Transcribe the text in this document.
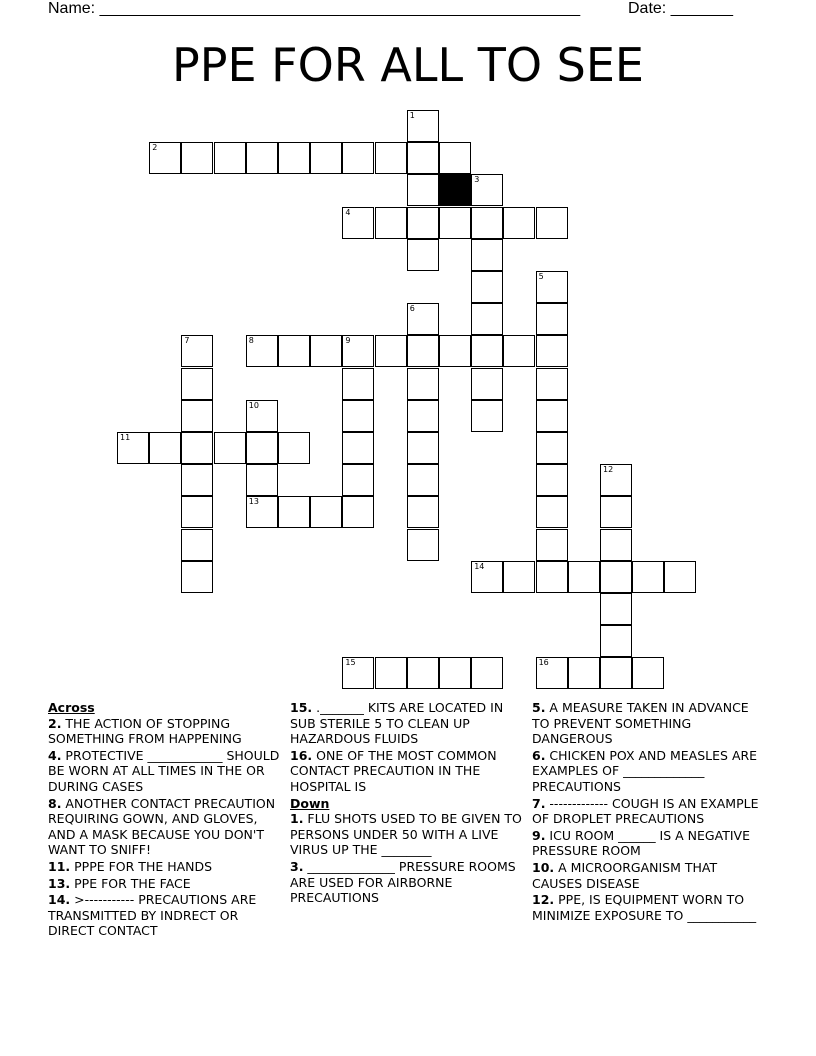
Name: ______________________________________________________

	Date: _______

PPE FOR ALL TO SEE
1
2
3
4
5
6
7	8	9
10
13
11
12
14
15	16
Across
2. THE ACTION OF STOPPING SOMETHING FROM HAPPENING
4. PROTECTIVE ____________ SHOULD BE WORN AT ALL TIMES IN THE OR DURING CASES
8. ANOTHER CONTACT PRECAUTION REQUIRING GOWN, AND GLOVES, AND A MASK BECAUSE YOU DON'T WANT TO SNIFF!
11. PPPE FOR THE HANDS
13. PPE FOR THE FACE
14. >----------- PRECAUTIONS ARE TRANSMITTED BY INDRECT OR DIRECT CONTACT
15. ._______ KITS ARE LOCATED IN SUB STERILE 5 TO CLEAN UP HAZARDOUS FLUIDS
16. ONE OF THE MOST COMMON CONTACT PRECAUTION IN THE HOSPITAL IS
Down
1. FLU SHOTS USED TO BE GIVEN TO PERSONS UNDER 50 WITH A LIVE VIRUS UP THE ________
3. ______________ PRESSURE ROOMS ARE USED FOR AIRBORNE PRECAUTIONS
5. A MEASURE TAKEN IN ADVANCE TO PREVENT SOMETHING DANGEROUS
6. CHICKEN POX AND MEASLES ARE EXAMPLES OF _____________ PRECAUTIONS
7. ------------- COUGH IS AN EXAMPLE OF DROPLET PRECAUTIONS
9. ICU ROOM ______ IS A NEGATIVE PRESSURE ROOM
10. A MICROORGANISM THAT CAUSES DISEASE
12. PPE, IS EQUIPMENT WORN TO MINIMIZE EXPOSURE TO ___________
